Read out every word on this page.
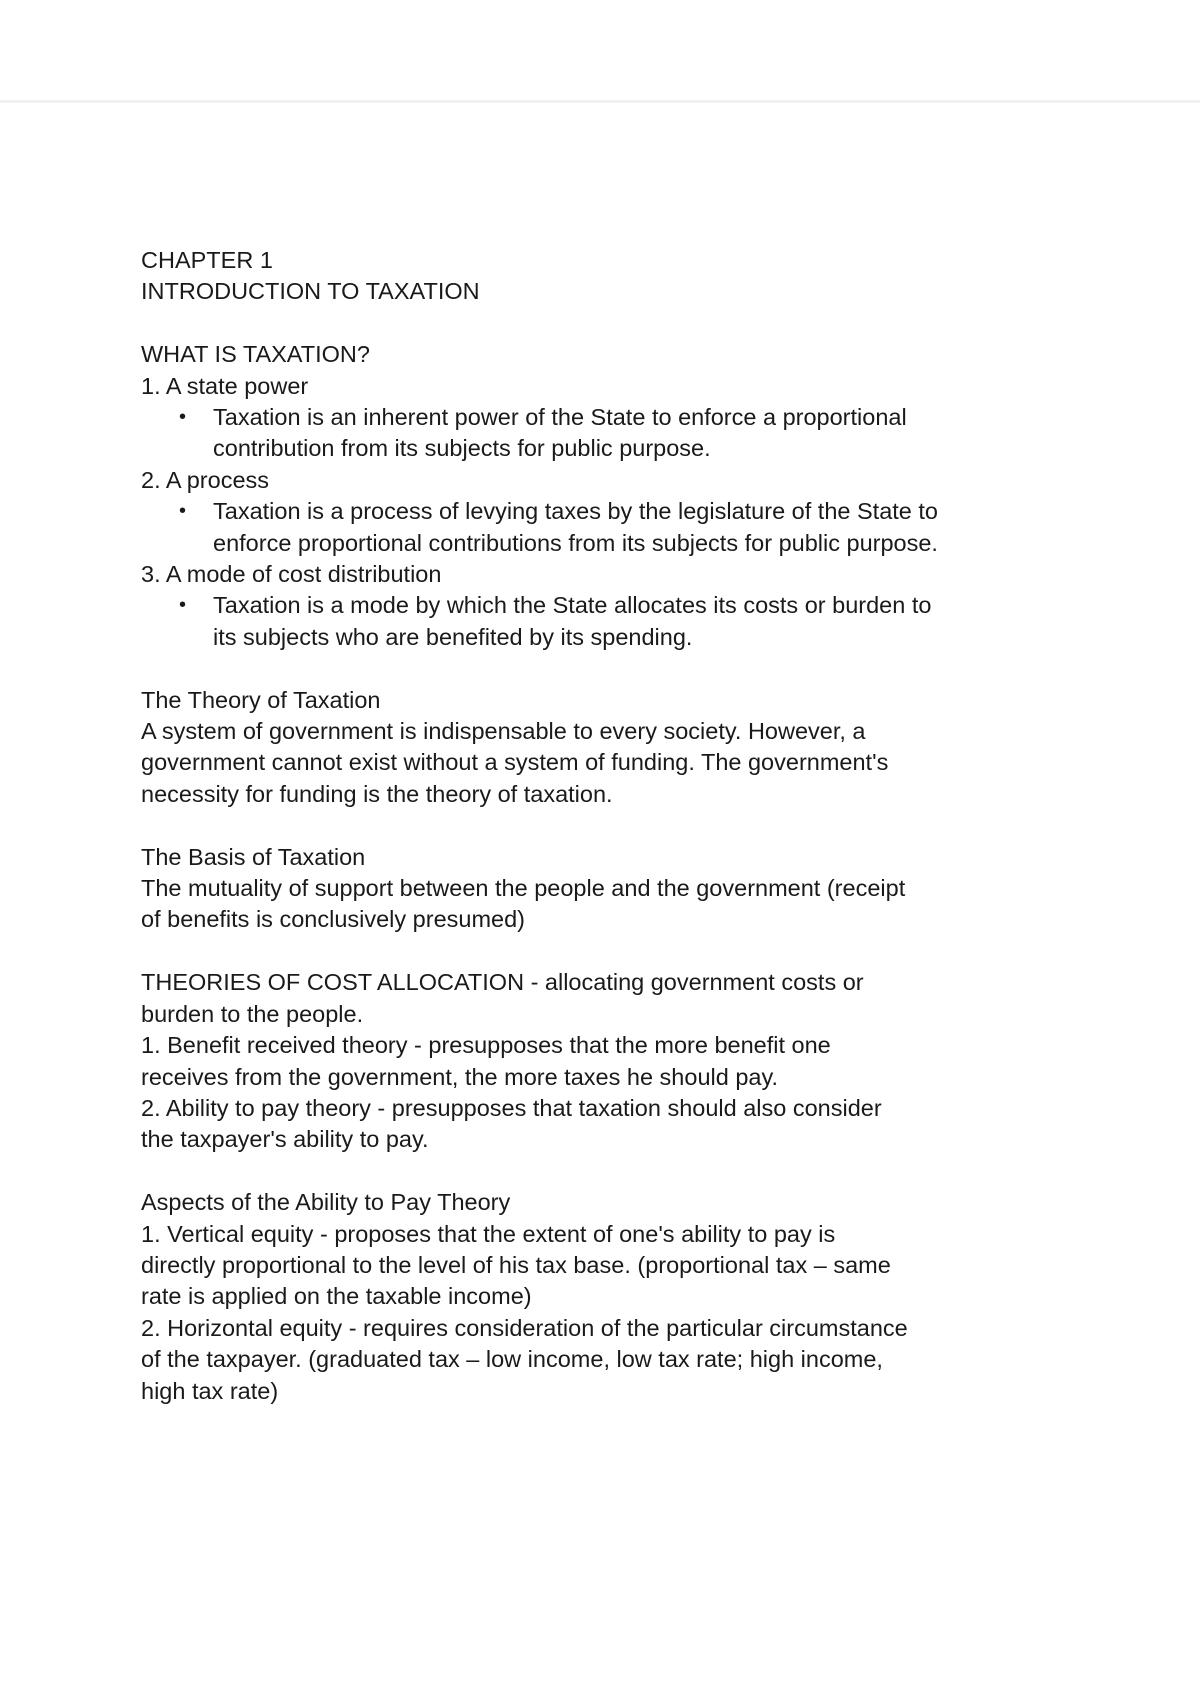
CHAPTER 1

INTRODUCTION TO TAXATION

WHAT IS TAXATION?

1. A state power

•	Taxation is an inherent power of the State to enforce a proportional contribution from its subjects for public purpose.

2. A process

•	Taxation is a process of levying taxes by the legislature of the State to enforce proportional contributions from its subjects for public purpose.

3. A mode of cost distribution

•	Taxation is a mode by which the State allocates its costs or burden to its subjects who are benefited by its spending.

The Theory of Taxation

A system of government is indispensable to every society. However, a

government cannot exist without a system of funding. The government's

necessity for funding is the theory of taxation.

The Basis of Taxation

The mutuality of support between the people and the government (receipt

of benefits is conclusively presumed)

THEORIES OF COST ALLOCATION - allocating government costs or

burden to the people.

1. Benefit received theory - presupposes that the more benefit one

receives from the government, the more taxes he should pay.

2. Ability to pay theory - presupposes that taxation should also consider

the taxpayer's ability to pay.

Aspects of the Ability to Pay Theory

1. Vertical equity - proposes that the extent of one's ability to pay is

directly proportional to the level of his tax base. (proportional tax – same

rate is applied on the taxable income)

2. Horizontal equity - requires consideration of the particular circumstance

of the taxpayer. (graduated tax – low income, low tax rate; high income,

high tax rate)
